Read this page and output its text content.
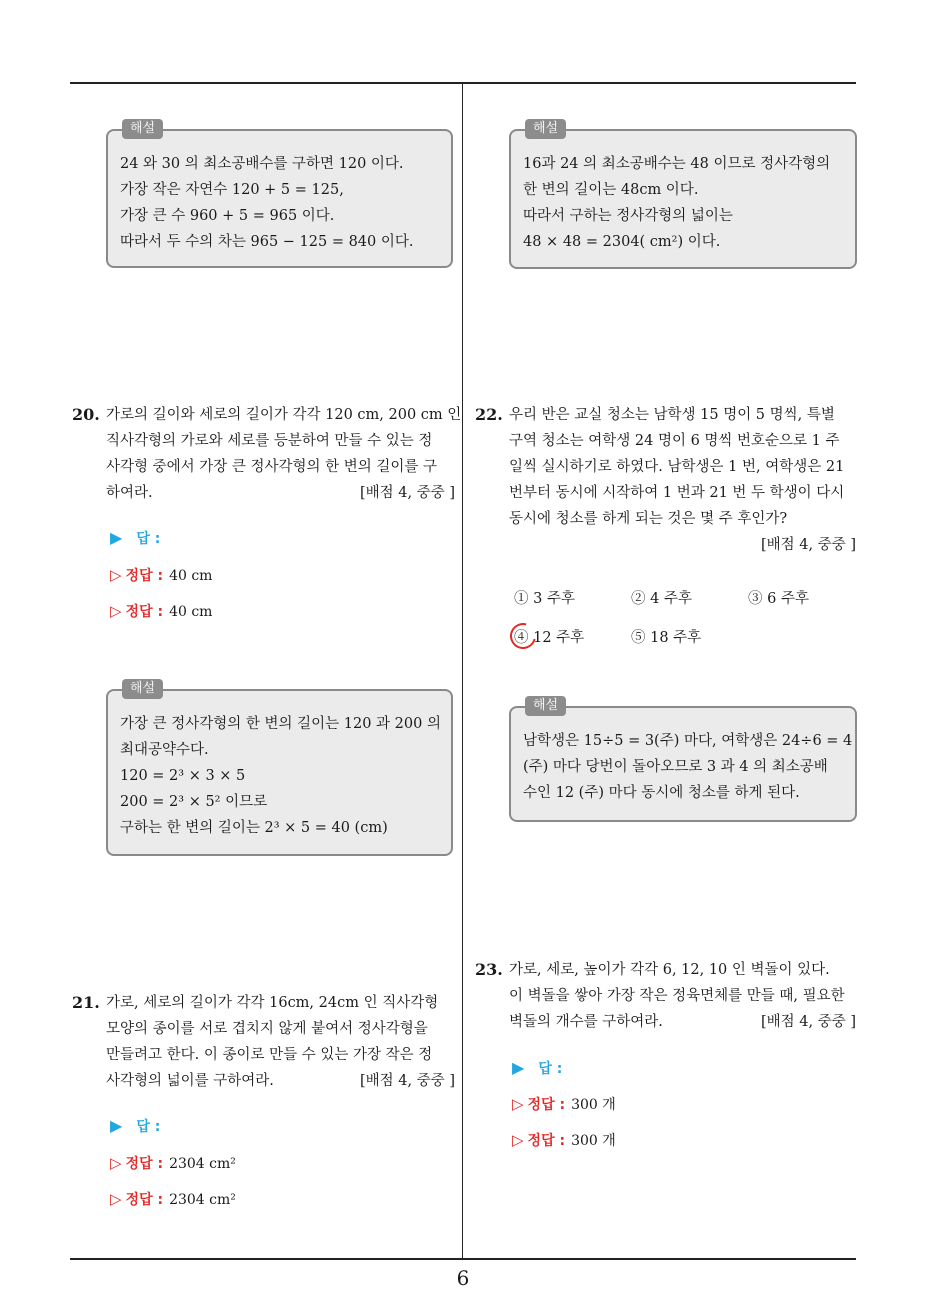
해설
24 와 30 의 최소공배수를 구하면 120 이다.
가장 작은 자연수 120 + 5 = 125,
가장 큰 수 960 + 5 = 965 이다.
따라서 두 수의 차는 965 − 125 = 840 이다.
해설
16과 24 의 최소공배수는 48 이므로 정사각형의
한 변의 길이는 48cm 이다.
따라서 구하는 정사각형의 넓이는
48 × 48 = 2304( cm²) 이다.
20. 가로의 길이와 세로의 길이가 각각 120 cm, 200 cm 인
직사각형의 가로와 세로를 등분하여 만들 수 있는 정
사각형 중에서 가장 큰 정사각형의 한 변의 길이를 구
하여라.	[배점 4, 중중 ]
▶ 답 :
▷ 정답 : 40 cm
▷ 정답 : 40 cm
해설
가장 큰 정사각형의 한 변의 길이는 120 과 200 의
최대공약수다.
120 = 2³ × 3 × 5
200 = 2³ × 5² 이므로
구하는 한 변의 길이는 2³ × 5 = 40 (cm)
21. 가로, 세로의 길이가 각각 16cm, 24cm 인 직사각형
모양의 종이를 서로 겹치지 않게 붙여서 정사각형을
만들려고 한다. 이 종이로 만들 수 있는 가장 작은 정
사각형의 넓이를 구하여라.	[배점 4, 중중 ]
▶ 답 :
▷ 정답 : 2304 cm²
▷ 정답 : 2304 cm²
22. 우리 반은 교실 청소는 남학생 15 명이 5 명씩, 특별
구역 청소는 여학생 24 명이 6 명씩 번호순으로 1 주
일씩 실시하기로 하였다. 남학생은 1 번, 여학생은 21
번부터 동시에 시작하여 1 번과 21 번 두 학생이 다시
동시에 청소를 하게 되는 것은 몇 주 후인가?
[배점 4, 중중 ]
① 3 주후	② 4 주후	③ 6 주후
④ 12 주후	⑤ 18 주후
해설
남학생은 15÷5 = 3(주) 마다, 여학생은 24÷6 = 4
(주) 마다 당번이 돌아오므로 3 과 4 의 최소공배
수인 12 (주) 마다 동시에 청소를 하게 된다.
23. 가로, 세로, 높이가 각각 6, 12, 10 인 벽돌이 있다.
이 벽돌을 쌓아 가장 작은 정육면체를 만들 때, 필요한
벽돌의 개수를 구하여라.	[배점 4, 중중 ]
▶ 답 :
▷ 정답 : 300 개
▷ 정답 : 300 개
6
